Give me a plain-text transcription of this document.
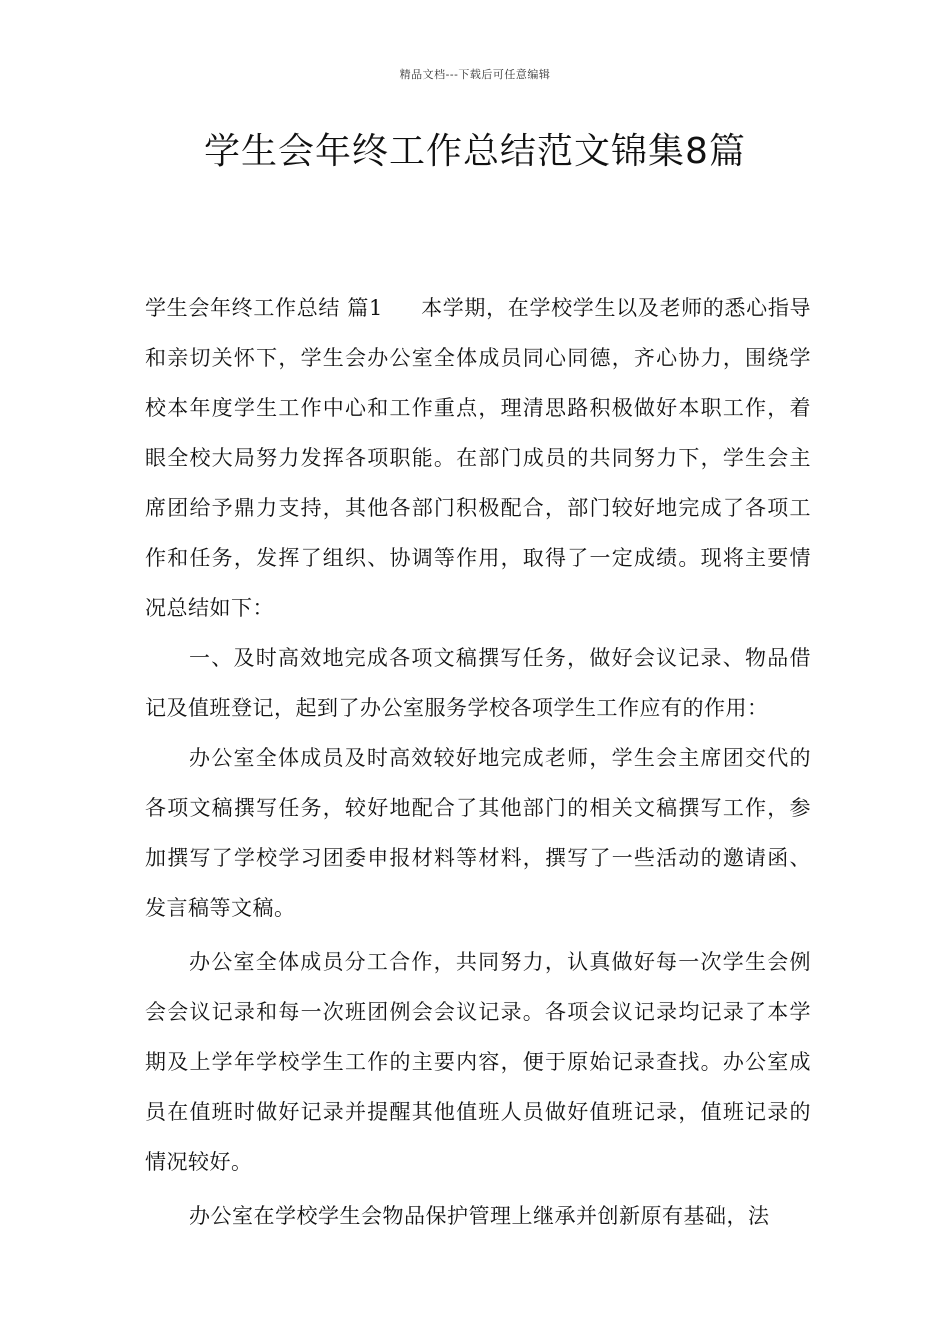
精品文档---下载后可任意编辑
学生会年终工作总结范文锦集8篇

学生会年终工作总结 篇1 本学期，在学校学生以及老师的悉心指导和亲切关怀下，学生会办公室全体成员同心同德，齐心协力，围绕学校本年度学生工作中心和工作重点，理清思路积极做好本职工作，着眼全校大局努力发挥各项职能。在部门成员的共同努力下，学生会主席团给予鼎力支持，其他各部门积极配合，部门较好地完成了各项工作和任务，发挥了组织、协调等作用，取得了一定成绩。现将主要情况总结如下：

一、及时高效地完成各项文稿撰写任务，做好会议记录、物品借记及值班登记，起到了办公室服务学校各项学生工作应有的作用：

办公室全体成员及时高效较好地完成老师，学生会主席团交代的各项文稿撰写任务，较好地配合了其他部门的相关文稿撰写工作，参加撰写了学校学习团委申报材料等材料，撰写了一些活动的邀请函、发言稿等文稿。

办公室全体成员分工合作，共同努力，认真做好每一次学生会例会会议记录和每一次班团例会会议记录。各项会议记录均记录了本学期及上学年学校学生工作的主要内容，便于原始记录查找。办公室成员在值班时做好记录并提醒其他值班人员做好值班记录，值班记录的情况较好。

办公室在学校学生会物品保护管理上继承并创新原有基础，法
